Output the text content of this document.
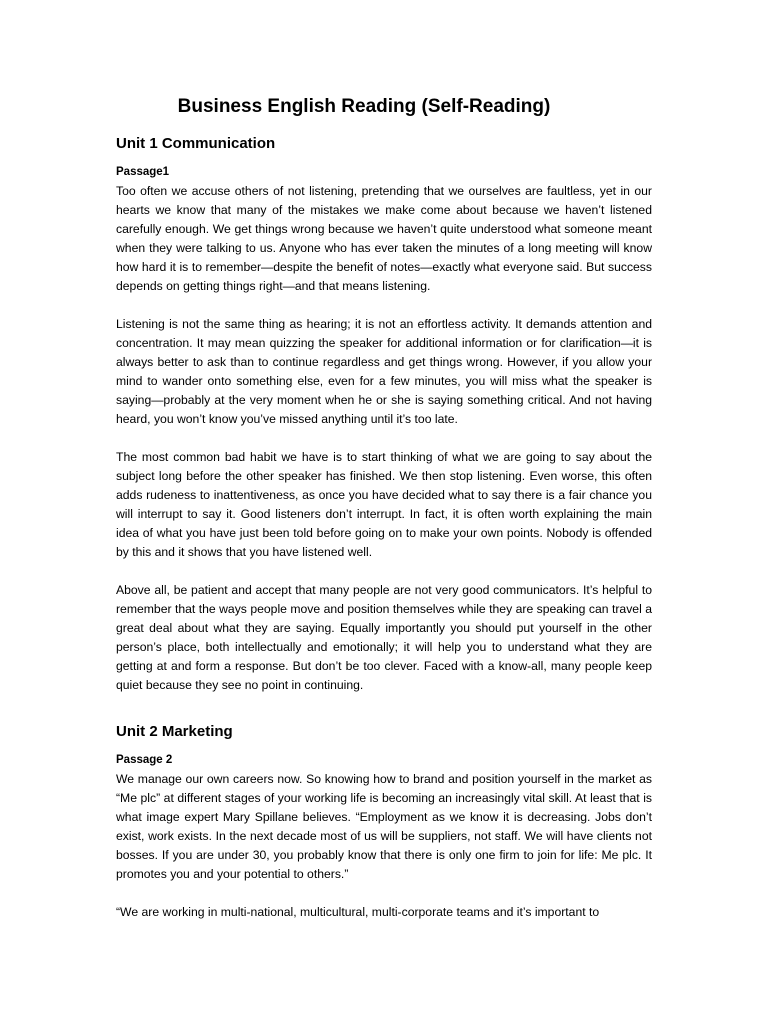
Business English Reading (Self-Reading)
Unit 1 Communication
Passage1

Too often we accuse others of not listening, pretending that we ourselves are faultless, yet in our hearts we know that many of the mistakes we make come about because we haven’t listened carefully enough. We get things wrong because we haven’t quite understood what someone meant when they were talking to us. Anyone who has ever taken the minutes of a long meeting will know how hard it is to remember—despite the benefit of notes—exactly what everyone said. But success depends on getting things right—and that means listening.

Listening is not the same thing as hearing; it is not an effortless activity. It demands attention and concentration. It may mean quizzing the speaker for additional information or for clarification—it is always better to ask than to continue regardless and get things wrong. However, if you allow your mind to wander onto something else, even for a few minutes, you will miss what the speaker is saying—probably at the very moment when he or she is saying something critical. And not having heard, you won’t know you’ve missed anything until it’s too late.

The most common bad habit we have is to start thinking of what we are going to say about the subject long before the other speaker has finished. We then stop listening. Even worse, this often adds rudeness to inattentiveness, as once you have decided what to say there is a fair chance you will interrupt to say it. Good listeners don’t interrupt. In fact, it is often worth explaining the main idea of what you have just been told before going on to make your own points. Nobody is offended by this and it shows that you have listened well.

Above all, be patient and accept that many people are not very good communicators. It’s helpful to remember that the ways people move and position themselves while they are speaking can travel a great deal about what they are saying. Equally importantly you should put yourself in the other person’s place, both intellectually and emotionally; it will help you to understand what they are getting at and form a response. But don’t be too clever. Faced with a know-all, many people keep quiet because they see no point in continuing.

Unit 2 Marketing
Passage 2

We manage our own careers now. So knowing how to brand and position yourself in the market as “Me plc” at different stages of your working life is becoming an increasingly vital skill. At least that is what image expert Mary Spillane believes. “Employment as we know it is decreasing. Jobs don’t exist, work exists. In the next decade most of us will be suppliers, not staff. We will have clients not bosses. If you are under 30, you probably know that there is only one firm to join for life: Me plc. It promotes you and your potential to others.”

“We are working in multi-national, multicultural, multi-corporate teams and it’s important to
